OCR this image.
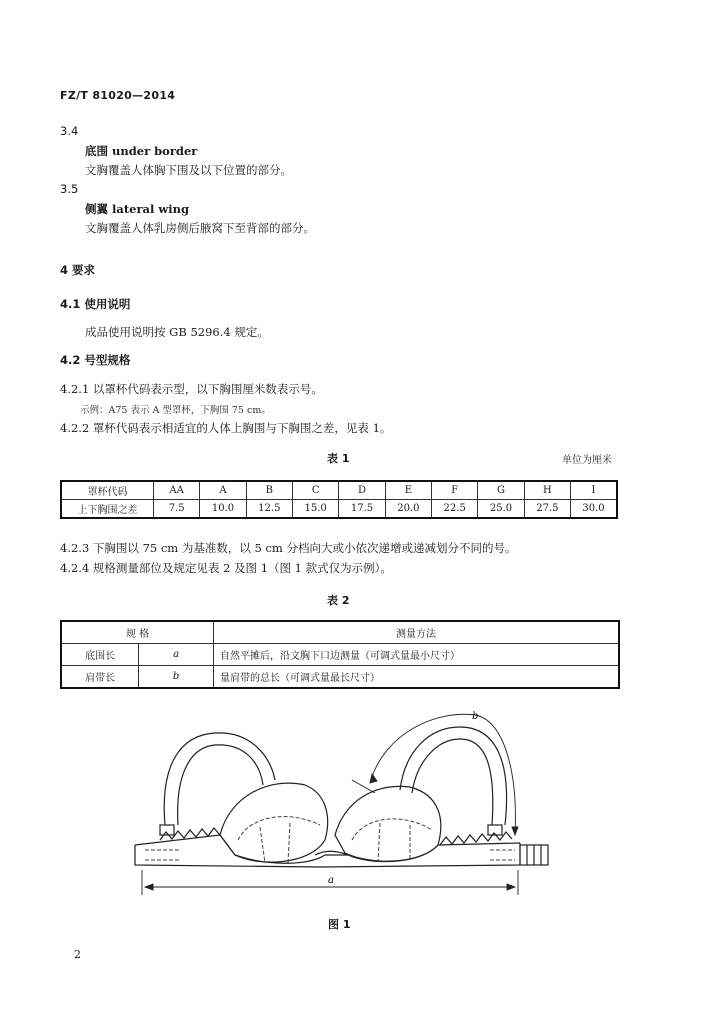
FZ/T 81020—2014
3.4
底围 under border
文胸覆盖人体胸下围及以下位置的部分。
3.5
侧翼 lateral wing
文胸覆盖人体乳房侧后腋窝下至背部的部分。
4 要求
4.1 使用说明
成品使用说明按 GB 5296.4 规定。
4.2 号型规格
4.2.1 以罩杯代码表示型，以下胸围厘米数表示号。
示例：A75 表示 A 型罩杯，下胸围 75 cm。
4.2.2 罩杯代码表示相适宜的人体上胸围与下胸围之差，见表 1。
表 1	单位为厘米
罩杯代码	AA	A	B	C	D	E	F	G	H	I
上下胸围之差	7.5	10.0	12.5	15.0	17.5	20.0	22.5	25.0	27.5	30.0
4.2.3 下胸围以 75 cm 为基准数，以 5 cm 分档向大或小依次递增或递减划分不同的号。
4.2.4 规格测量部位及规定见表 2 及图 1（图 1 款式仅为示例）。
表 2
规 格		测量方法
底围长	a	自然平摊后，沿文胸下口边测量（可调式量最小尺寸）
肩带长	b	量肩带的总长（可调式量最长尺寸）
a
b
图 1
2
